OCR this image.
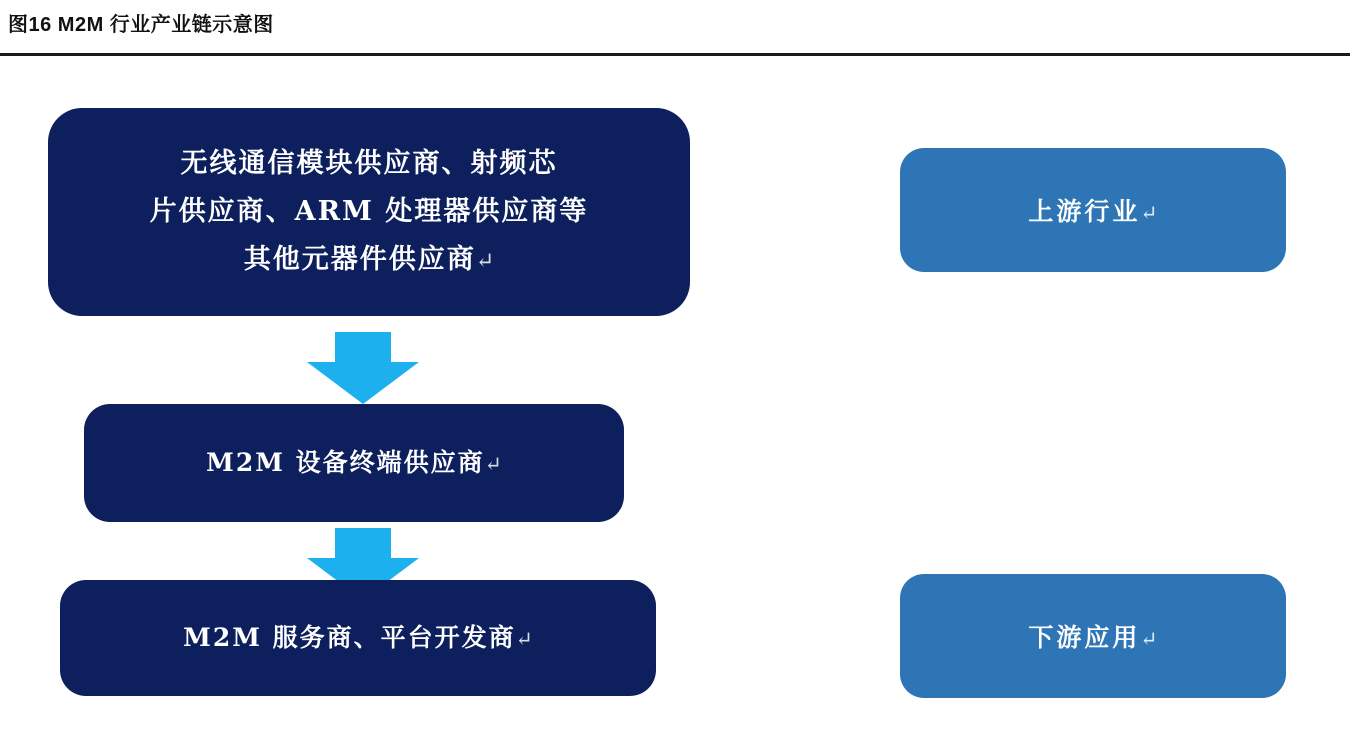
图16 M2M 行业产业链示意图
无线通信模块供应商、射频芯
片供应商、ARM 处理器供应商等
其他元器件供应商↵
M2M 设备终端供应商↵
M2M 服务商、平台开发商↵
上游行业↵
下游应用↵
